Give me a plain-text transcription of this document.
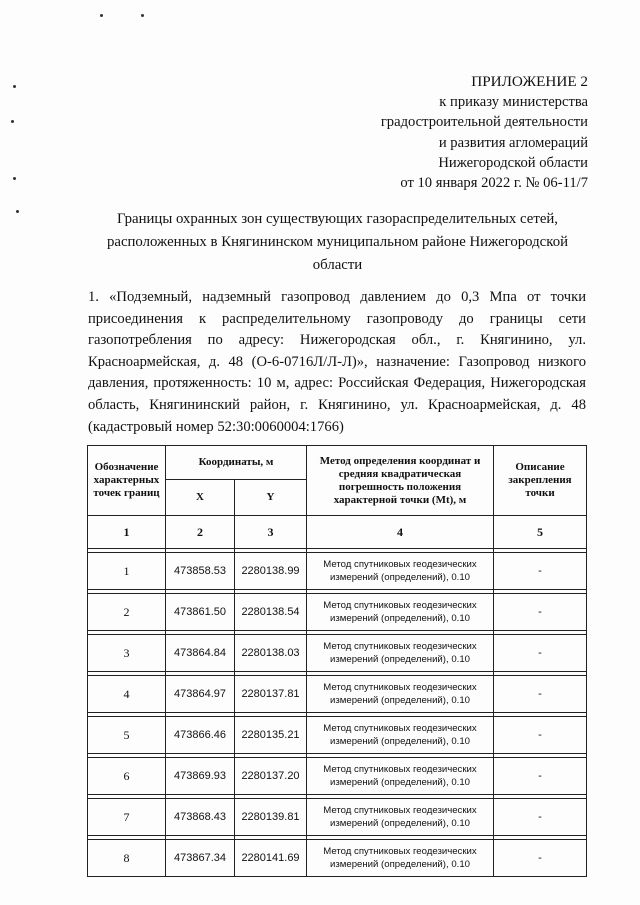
ПРИЛОЖЕНИЕ 2
к приказу министерства
градостроительной деятельности
и развития агломераций
Нижегородской области
от 10 января 2022 г. № 06-11/7
Границы охранных зон существующих газораспределительных сетей, расположенных в Княгининском муниципальном районе Нижегородской области
1. «Подземный, надземный газопровод давлением до 0,3 Мпа от точки присоединения к распределительному газопроводу до границы сети газопотребления по адресу: Нижегородская обл., г. Княгинино, ул. Красноармейская, д. 48 (О-6-0716Л/Л-Л)», назначение: Газопровод низкого давления, протяженность: 10 м, адрес: Российская Федерация, Нижегородская область, Княгининский район, г. Княгинино, ул. Красноармейская, д. 48 (кадастровый номер 52:30:0060004:1766)
Обозначение характерных точек границ	Координаты, м		Метод определения координат и средняя квадратическая погрешность положения характерной точки (Mt), м	Описание закрепления точки
	X	Y		
1	2	3	4	5

1	473858.53	2280138.99	Метод спутниковых геодезических измерений (определений), 0.10	-

2	473861.50	2280138.54	Метод спутниковых геодезических измерений (определений), 0.10	-

3	473864.84	2280138.03	Метод спутниковых геодезических измерений (определений), 0.10	-

4	473864.97	2280137.81	Метод спутниковых геодезических измерений (определений), 0.10	-

5	473866.46	2280135.21	Метод спутниковых геодезических измерений (определений), 0.10	-

6	473869.93	2280137.20	Метод спутниковых геодезических измерений (определений), 0.10	-

7	473868.43	2280139.81	Метод спутниковых геодезических измерений (определений), 0.10	-

8	473867.34	2280141.69	Метод спутниковых геодезических измерений (определений), 0.10	-
